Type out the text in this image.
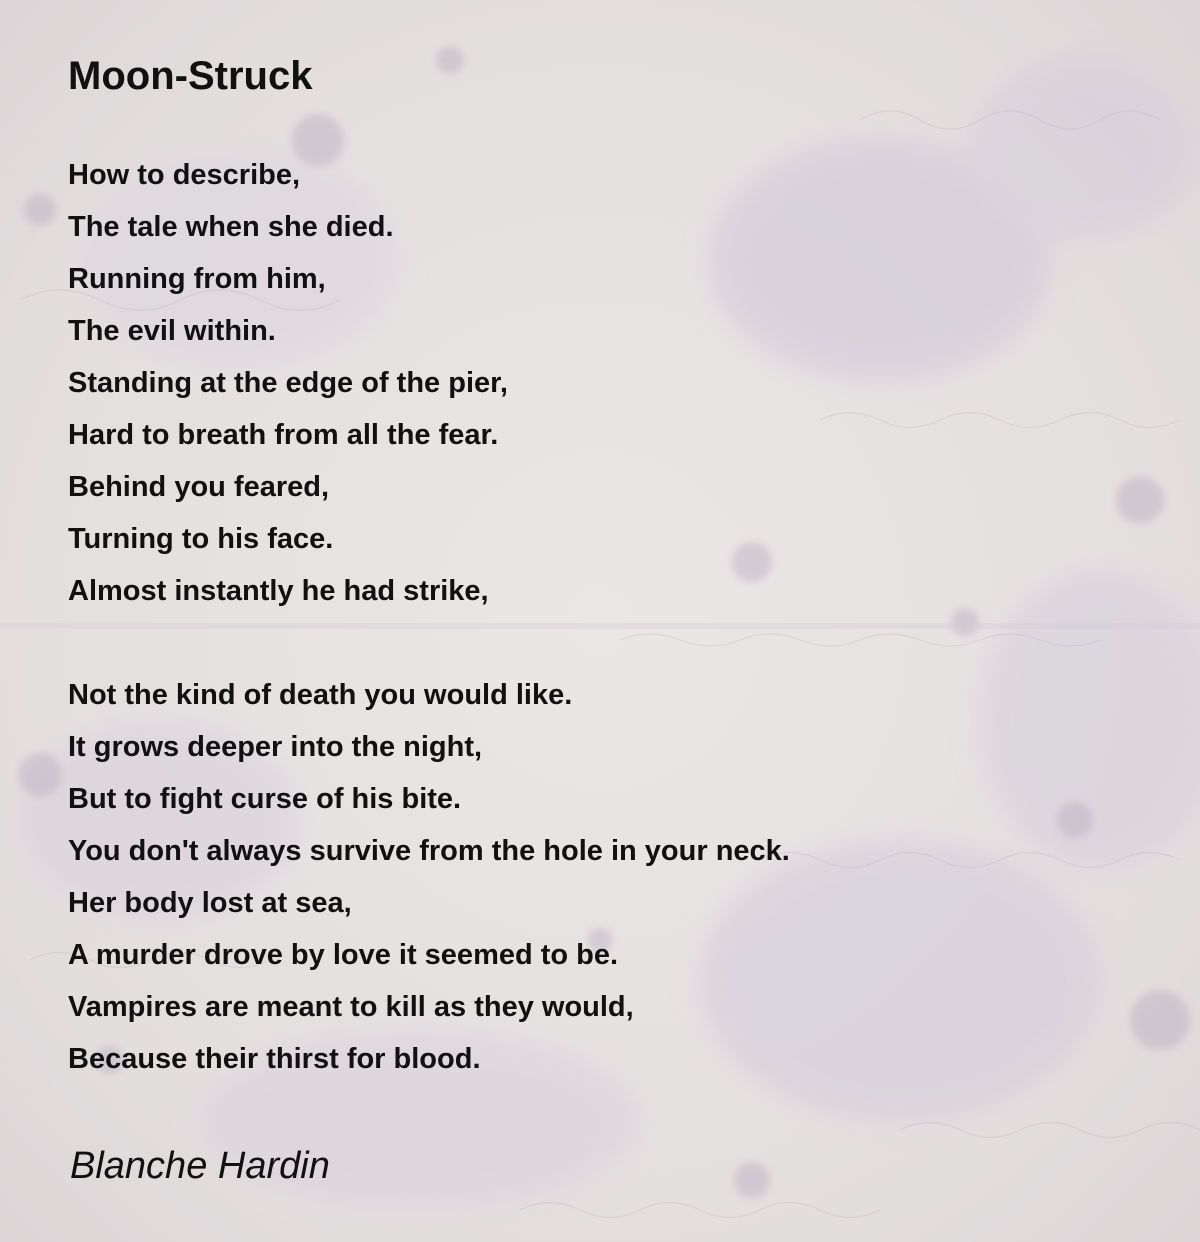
Moon-Struck
How to describe,
The tale when she died.
Running from him,
The evil within.
Standing at the edge of the pier,
Hard to breath from all the fear.
Behind you feared,
Turning to his face.
Almost instantly he had strike,
Not the kind of death you would like.
It grows deeper into the night,
But to fight curse of his bite.
You don't always survive from the hole in your neck.
Her body lost at sea,
A murder drove by love it seemed to be.
Vampires are meant to kill as they would,
Because their thirst for blood.

Blanche Hardin
